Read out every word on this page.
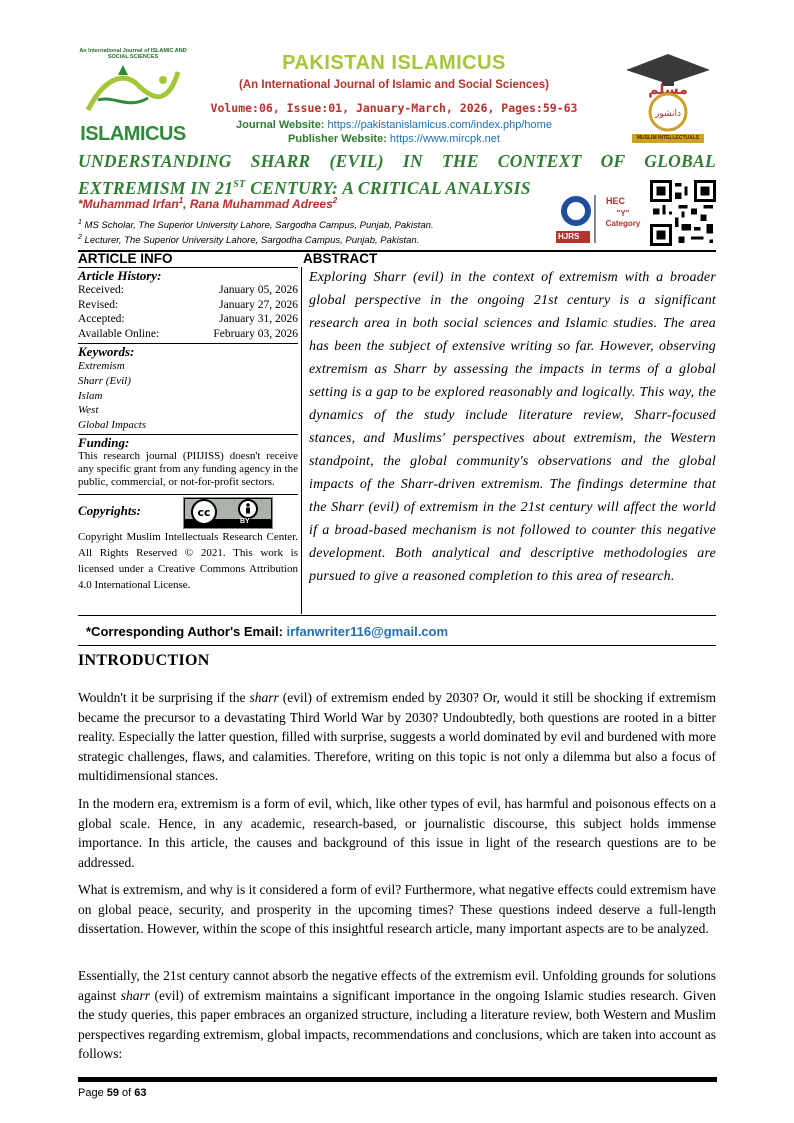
An International Journal of ISLAMIC AND SOCIAL SCIENCES
ISLAMICUS
PAKISTAN ISLAMICUS
(An International Journal of Islamic and Social Sciences)
Volume:06, Issue:01, January-March, 2026, Pages:59-63
Journal Website: https://pakistanislamicus.com/index.php/home
Publisher Website: https://www.mircpk.net
مسلم
دانشور
MUSLIM INTELLECTUALS
UNDERSTANDING SHARR (EVIL) IN THE CONTEXT OF GLOBAL
EXTREMISM IN 21ST CENTURY: A CRITICAL ANALYSIS
*Muhammad Irfan$^1$, Rana Muhammad Adrees$^2$
$^1$ MS Scholar, The Superior University Lahore, Sargodha Campus, Punjab, Pakistan.
$^2$ Lecturer, The Superior University Lahore, Sargodha Campus, Punjab, Pakistan.
HEC
"Y" Category
HJRS
ARTICLE INFO	ABSTRACT
Article History:
Received:	January 05, 2026
Revised:	January 27, 2026
Accepted:	January 31, 2026
Available Online:	February 03, 2026
Keywords:
Extremism
Sharr (Evil)
Islam
West
Global Impacts
Funding:
This research journal (PIIJISS) doesn't receive any specific grant from any funding agency in the public, commercial, or not-for-profit sectors.
Copyrights:	cc
BY
Copyright Muslim Intellectuals Research Center. All Rights Reserved © 2021. This work is licensed under a Creative Commons Attribution 4.0 International License.
Exploring Sharr (evil) in the context of extremism with a broader global perspective in the ongoing 21st century is a significant research area in both social sciences and Islamic studies. The area has been the subject of extensive writing so far. However, observing extremism as Sharr by assessing the impacts in terms of a global setting is a gap to be explored reasonably and logically. This way, the dynamics of the study include literature review, Sharr-focused stances, and Muslims' perspectives about extremism, the Western standpoint, the global community's observations and the global impacts of the Sharr-driven extremism. The findings determine that the Sharr (evil) of extremism in the 21st century will affect the world if a broad-based mechanism is not followed to counter this negative development. Both analytical and descriptive methodologies are pursued to give a reasoned completion to this area of research.
*Corresponding Author's Email: irfanwriter116@gmail.com
INTRODUCTION
Wouldn't it be surprising if the sharr (evil) of extremism ended by 2030? Or, would it still be shocking if extremism became the precursor to a devastating Third World War by 2030? Undoubtedly, both questions are rooted in a bitter reality. Especially the latter question, filled with surprise, suggests a world dominated by evil and burdened with more strategic challenges, flaws, and calamities. Therefore, writing on this topic is not only a dilemma but also a focus of multidimensional stances.
In the modern era, extremism is a form of evil, which, like other types of evil, has harmful and poisonous effects on a global scale. Hence, in any academic, research-based, or journalistic discourse, this subject holds immense importance. In this article, the causes and background of this issue in light of the research questions are to be addressed.
What is extremism, and why is it considered a form of evil? Furthermore, what negative effects could extremism have on global peace, security, and prosperity in the upcoming times? These questions indeed deserve a full-length dissertation. However, within the scope of this insightful research article, many important aspects are to be analyzed.
Essentially, the 21st century cannot absorb the negative effects of the extremism evil. Unfolding grounds for solutions against sharr (evil) of extremism maintains a significant importance in the ongoing Islamic studies research. Given the study queries, this paper embraces an organized structure, including a literature review, both Western and Muslim perspectives regarding extremism, global impacts, recommendations and conclusions, which are taken into account as follows:
Page 59 of 63
